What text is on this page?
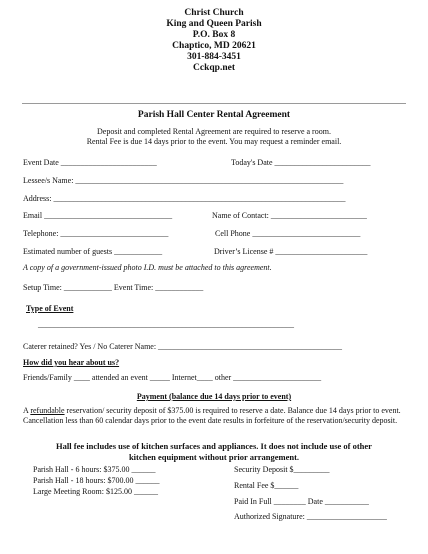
Christ Church
King and Queen Parish
P.O. Box 8
Chaptico, MD 20621
301-884-3451
Cckqp.net
Parish Hall Center Rental Agreement
Deposit and completed Rental Agreement are required to reserve a room.
Rental Fee is due 14 days prior to the event. You may request a reminder email.
Event Date ________________________	Today's Date ________________________
Lessee/s Name: ___________________________________________________________________
Address: _________________________________________________________________________
Email ________________________________	Name of Contact: ________________________
Telephone: ___________________________	Cell Phone ___________________________
Estimated number of guests ____________	Driver’s License # _______________________
A copy of a government-issued photo I.D. must be attached to this agreement.
Setup Time: ____________ Event Time: ____________
Type of Event
________________________________________________________________
Caterer retained? Yes / No Caterer Name: ______________________________________________
How did you hear about us?
Friends/Family ____ attended an event _____ Internet____ other ______________________
Payment (balance due 14 days prior to event)
A refundable reservation/ security deposit of $375.00 is required to reserve a date. Balance due 14 days prior to event. Cancellation less than 60 calendar days prior to the event date results in forfeiture of the reservation/security deposit.
Hall fee includes use of kitchen surfaces and appliances. It does not include use of other
kitchen equipment without prior arrangement.
Parish Hall - 6 hours: $375.00 ______
Parish Hall - 18 hours: $700.00 ______
Large Meeting Room: $125.00 ______
Security Deposit $_________
Rental Fee $______
Paid In Full ________ Date ___________
Authorized Signature: ____________________
